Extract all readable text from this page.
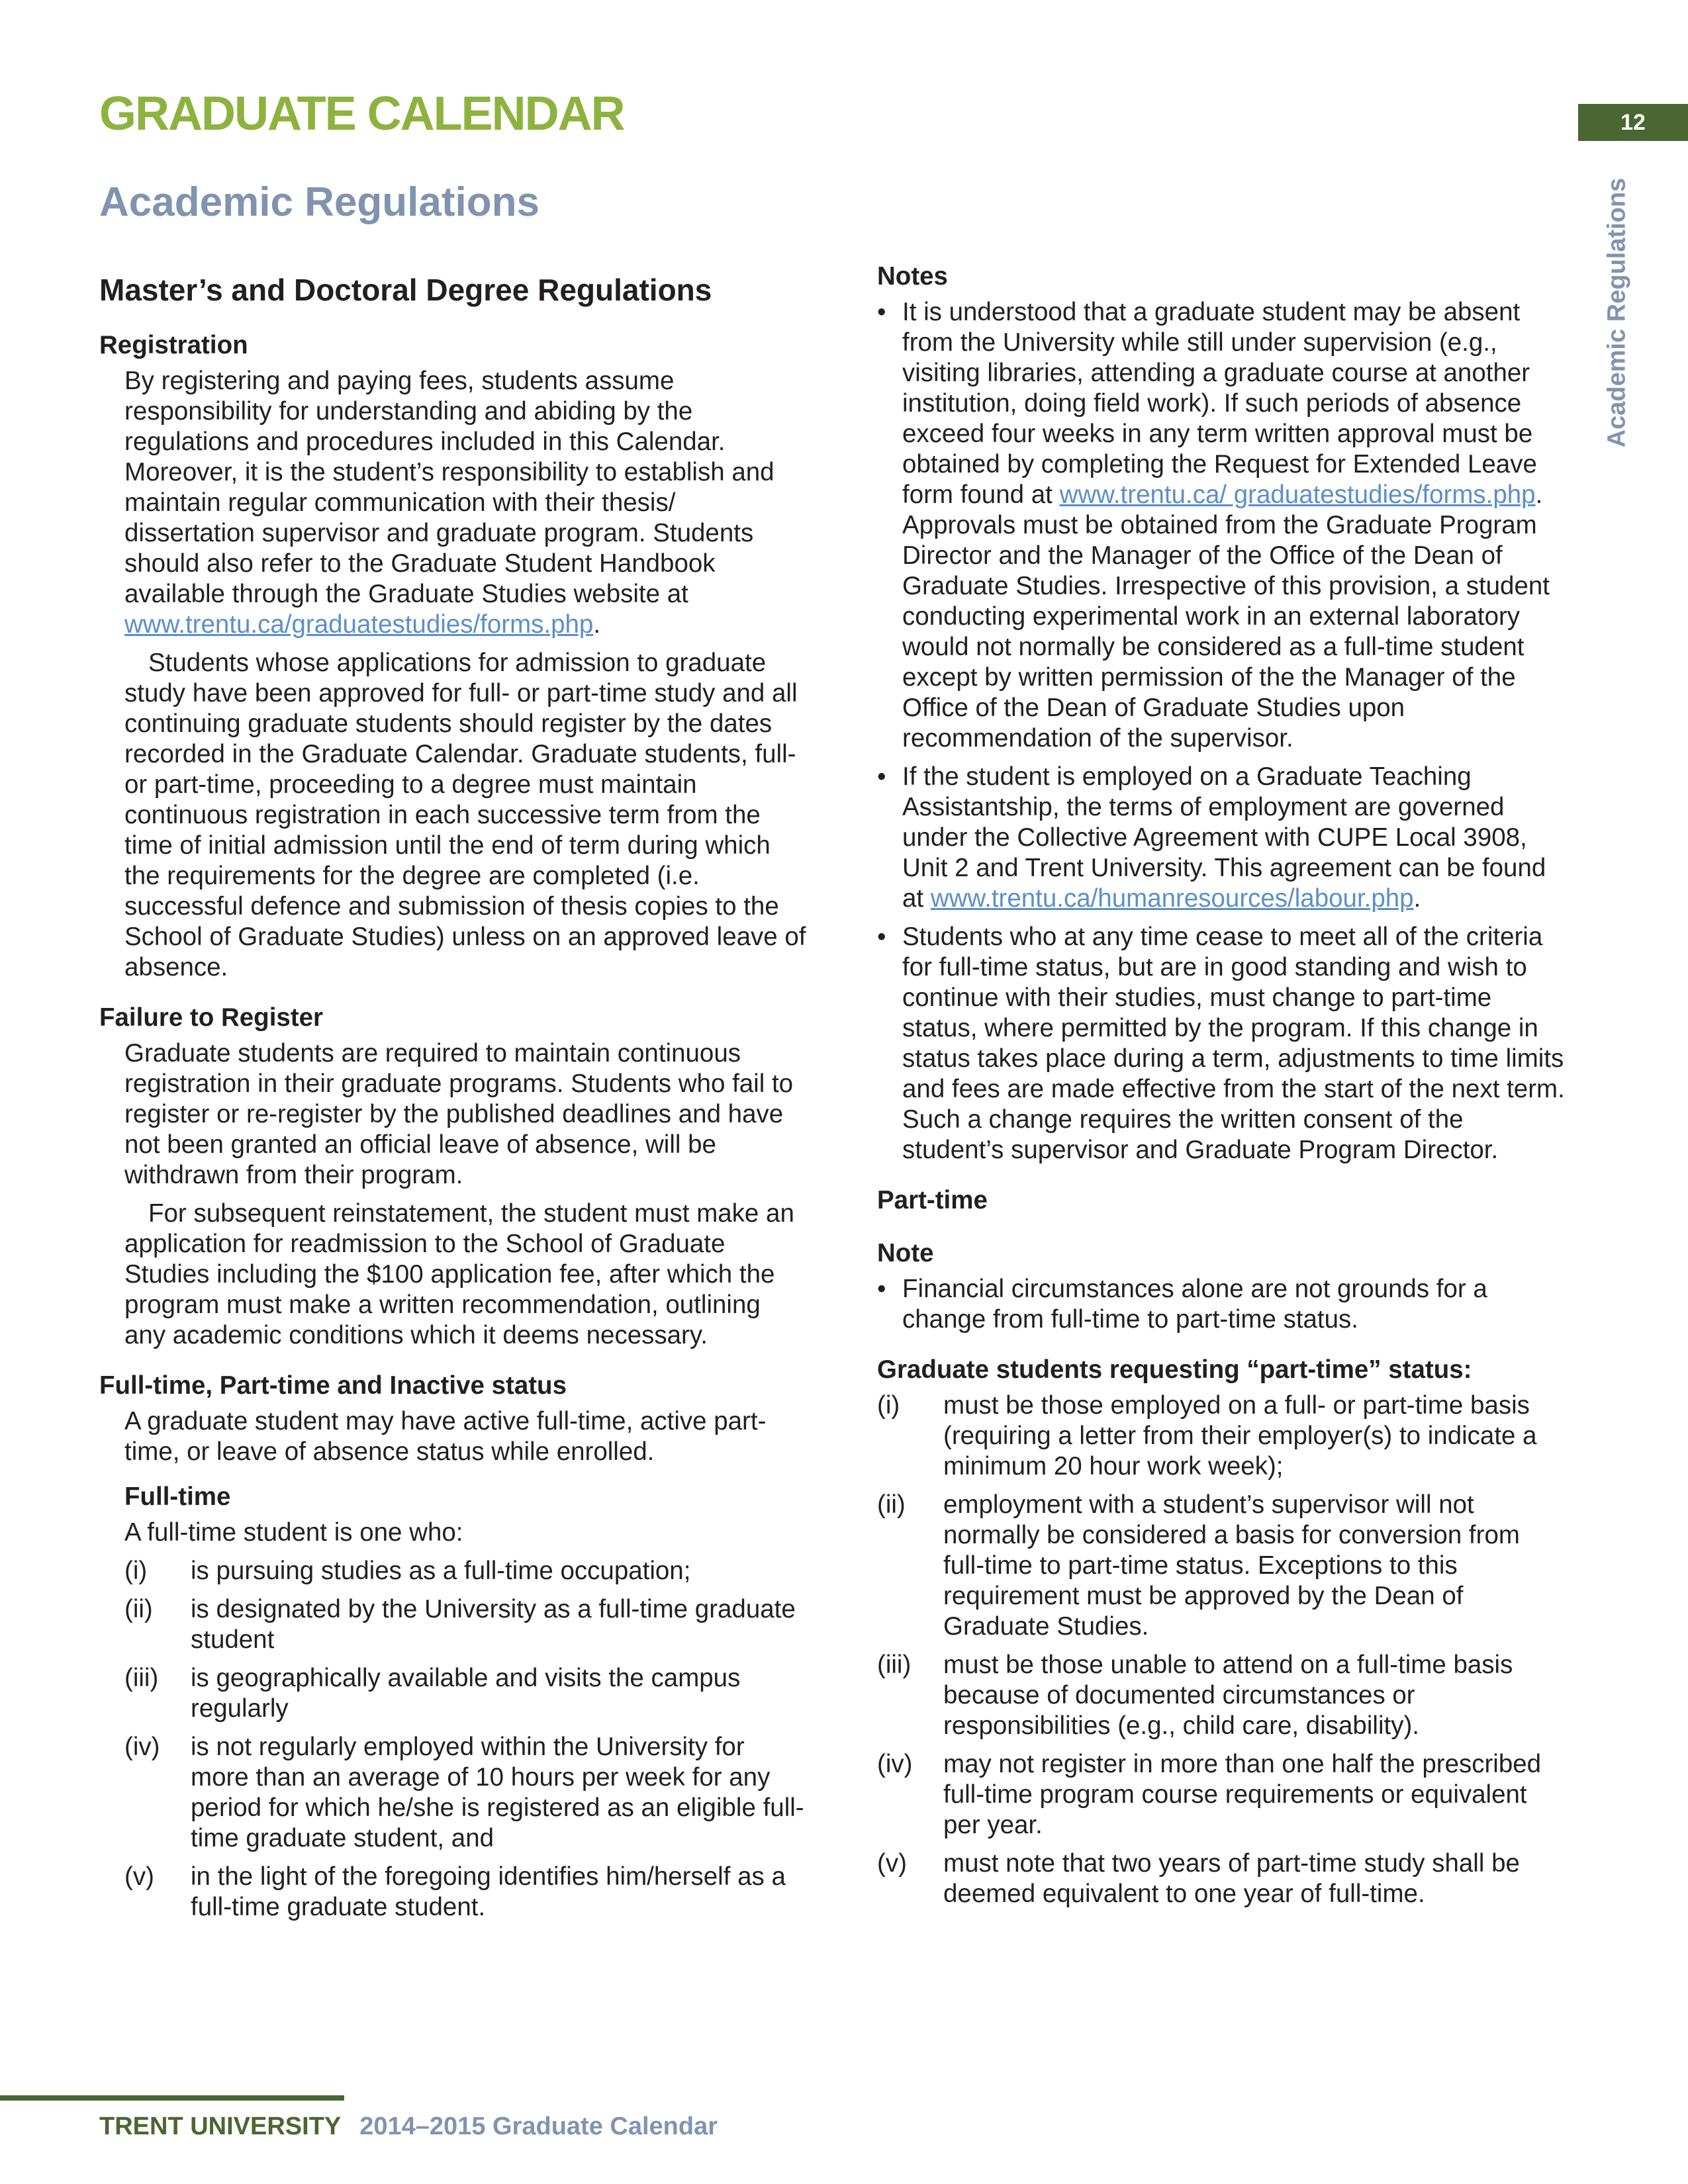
GRADUATE CALENDAR	12
Academic Regulations
Academic Regulations
Master’s and Doctoral Degree Regulations
Registration

By registering and paying fees, students assume responsibility for understanding and abiding by the regulations and procedures included in this Calendar. Moreover, it is the student’s responsibility to establish and maintain regular communication with their thesis/ dissertation supervisor and graduate program. Students should also refer to the Graduate Student Handbook available through the Graduate Studies website at www.trentu.ca/graduatestudies/forms.php.

Students whose applications for admission to graduate study have been approved for full- or part-time study and all continuing graduate students should register by the dates recorded in the Graduate Calendar. Graduate students, full- or part-time, proceeding to a degree must maintain continuous registration in each successive term from the time of initial admission until the end of term during which the requirements for the degree are completed (i.e. successful defence and submission of thesis copies to the School of Graduate Studies) unless on an approved leave of absence.

Failure to Register

Graduate students are required to maintain continuous registration in their graduate programs. Students who fail to register or re-register by the published deadlines and have not been granted an official leave of absence, will be withdrawn from their program.

For subsequent reinstatement, the student must make an application for readmission to the School of Graduate Studies including the $100 application fee, after which the program must make a written recommendation, outlining any academic conditions which it deems necessary.

Full-time, Part-time and Inactive status

A graduate student may have active full-time, active part-time, or leave of absence status while enrolled.

Full-time

A full-time student is one who:

(i)	is pursuing studies as a full-time occupation;
(ii)	is designated by the University as a full-time graduate student
(iii)	is geographically available and visits the campus regularly
(iv)	is not regularly employed within the University for more than an average of 10 hours per week for any period for which he/she is registered as an eligible full-time graduate student, and
(v)	in the light of the foregoing identifies him/herself as a full-time graduate student.
Notes
• It is understood that a graduate student may be absent from the University while still under supervision (e.g., visiting libraries, attending a graduate course at another institution, doing field work). If such periods of absence exceed four weeks in any term written approval must be obtained by completing the Request for Extended Leave form found at www.trentu.ca/ graduatestudies/forms.php. Approvals must be obtained from the Graduate Program Director and the Manager of the Office of the Dean of Graduate Studies. Irrespective of this provision, a student conducting experimental work in an external laboratory would not normally be considered as a full-time student except by written permission of the the Manager of the Office of the Dean of Graduate Studies upon recommendation of the supervisor.
• If the student is employed on a Graduate Teaching Assistantship, the terms of employment are governed under the Collective Agreement with CUPE Local 3908, Unit 2 and Trent University. This agreement can be found at www.trentu.ca/humanresources/labour.php.
• Students who at any time cease to meet all of the criteria for full-time status, but are in good standing and wish to continue with their studies, must change to part-time status, where permitted by the program. If this change in status takes place during a term, adjustments to time limits and fees are made effective from the start of the next term. Such a change requires the written consent of the student’s supervisor and Graduate Program Director.
Part-time
Note
• Financial circumstances alone are not grounds for a change from full-time to part-time status.
Graduate students requesting “part-time” status:
(i)	must be those employed on a full- or part-time basis (requiring a letter from their employer(s) to indicate a minimum 20 hour work week);
(ii)	employment with a student’s supervisor will not normally be considered a basis for conversion from full-time to part-time status. Exceptions to this requirement must be approved by the Dean of Graduate Studies.
(iii)	must be those unable to attend on a full-time basis because of documented circumstances or responsibilities (e.g., child care, disability).
(iv)	may not register in more than one half the prescribed full-time program course requirements or equivalent per year.
(v)	must note that two years of part-time study shall be deemed equivalent to one year of full-time.
TRENT UNIVERSITY 2014–2015 Graduate Calendar
